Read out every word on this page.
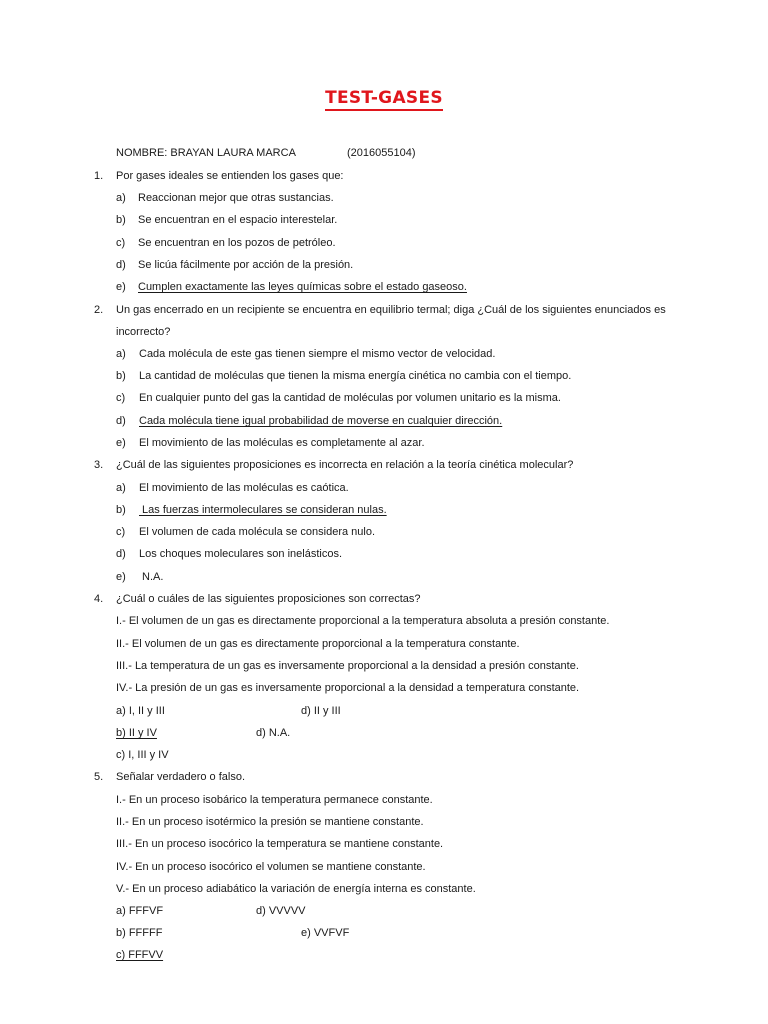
TEST-GASES
NOMBRE: BRAYAN LAURA MARCA	(2016055104)
1. Por gases ideales se entienden los gases que:
a) Reaccionan mejor que otras sustancias.
b) Se encuentran en el espacio interestelar.
c) Se encuentran en los pozos de petróleo.
d) Se licúa fácilmente por acción de la presión.
e) Cumplen exactamente las leyes químicas sobre el estado gaseoso.
2. Un gas encerrado en un recipiente se encuentra en equilibrio termal; diga ¿Cuál de los siguientes enunciados es
incorrecto?
a) Cada molécula de este gas tienen siempre el mismo vector de velocidad.
b) La cantidad de moléculas que tienen la misma energía cinética no cambia con el tiempo.
c) En cualquier punto del gas la cantidad de moléculas por volumen unitario es la misma.
d) Cada molécula tiene igual probabilidad de moverse en cualquier dirección.
e) El movimiento de las moléculas es completamente al azar.
3. ¿Cuál de las siguientes proposiciones es incorrecta en relación a la teoría cinética molecular?
a) El movimiento de las moléculas es caótica.
b) Las fuerzas intermoleculares se consideran nulas.
c) El volumen de cada molécula se considera nulo.
d) Los choques moleculares son inelásticos.
e) N.A.
4. ¿Cuál o cuáles de las siguientes proposiciones son correctas?
I.- El volumen de un gas es directamente proporcional a la temperatura absoluta a presión constante.
II.- El volumen de un gas es directamente proporcional a la temperatura constante.
III.- La temperatura de un gas es inversamente proporcional a la densidad a presión constante.
IV.- La presión de un gas es inversamente proporcional a la densidad a temperatura constante.
a) I, II y III	d) II y III
b) II y IV	d) N.A.
c) I, III y IV
5. Señalar verdadero o falso.
I.- En un proceso isobárico la temperatura permanece constante.
II.- En un proceso isotérmico la presión se mantiene constante.
III.- En un proceso isocórico la temperatura se mantiene constante.
IV.- En un proceso isocórico el volumen se mantiene constante.
V.- En un proceso adiabático la variación de energía interna es constante.
a) FFFVF	d) VVVVV
b) FFFFF	e) VVFVF
c) FFFVV
